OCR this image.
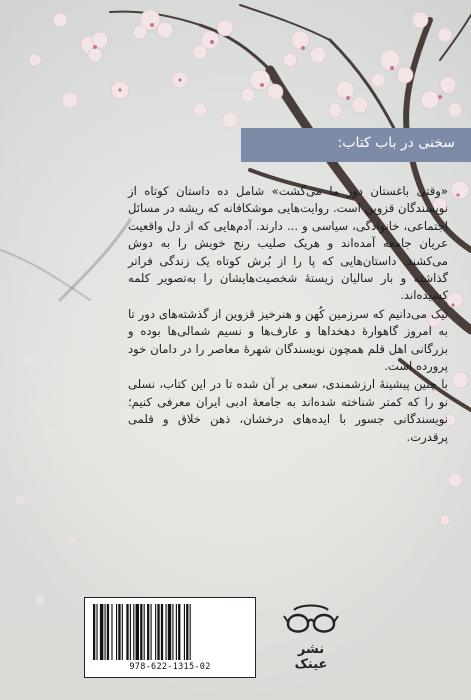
سخنی در باب کتاب:

«وقتی باغستان دور ما می‌گشت» شامل ده داستان کوتاه از نویسندگان قزوین است. روایت‌هایی موشکافانه که ریشه در مسائل اجتماعی، خانوادگی، سیاسی و ... دارند. آدم‌هایی که از دل واقعیت عریان جامعه آمده‌اند و هریک صلیب رنج خویش را به دوش می‌کشند. داستان‌هایی که پا را از بُرش کوتاه یک زندگی فراتر گذاشته و بار سالیان زیستهٔ شخصیت‌هایشان را به‌تصویر کلمه کشیده‌اند.

نیک می‌دانیم که سرزمین کُهن و هنرخیز قزوین از گذشته‌های دور تا به امروز گاهوارهٔ دهخداها و عارف‌ها و نسیم شمالی‌ها بوده و بزرگانی اهل قلم همچون نویسندگان شهرهٔ معاصر را در دامان خود پرورده است.

با چنین پیشینهٔ ارزشمندی، سعی بر آن شده تا در این کتاب، نسلی نو را که کمتر شناخته شده‌اند به جامعهٔ ادبی ایران معرفی کنیم؛ نویسندگانی جسور با ایده‌های درخشان، ذهن خلاق و قلمی پرقدرت.

978-622-1315-02
نشر عینک
